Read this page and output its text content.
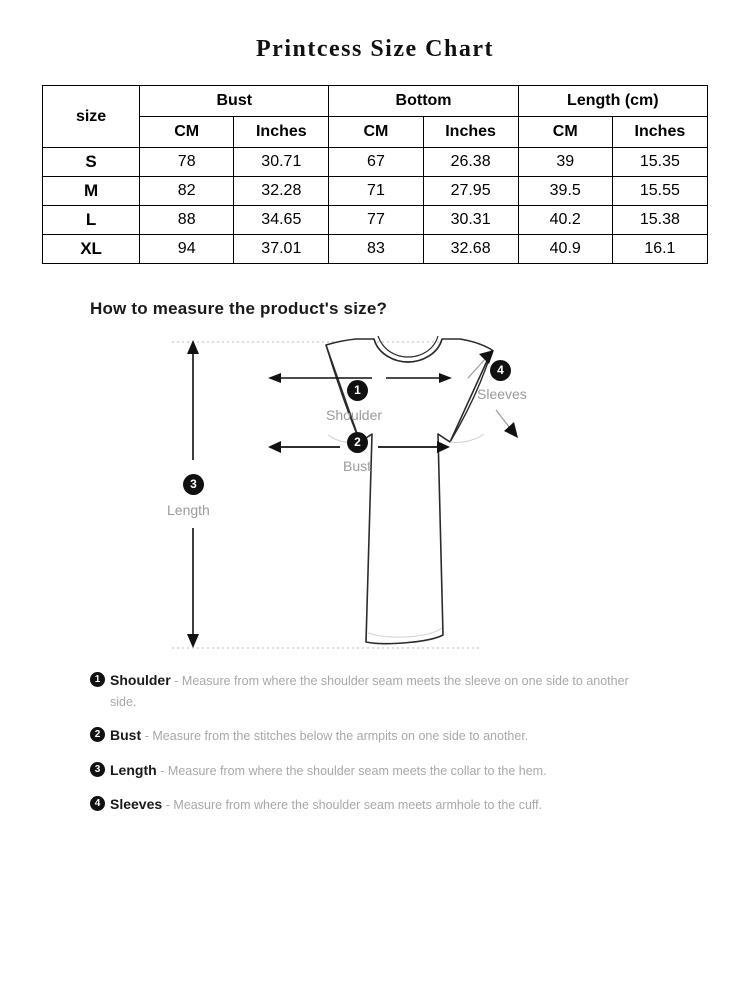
Printcess Size Chart
size	Bust		Bottom		Length (cm)	
	CM	Inches	CM	Inches	CM	Inches
S	78	30.71	67	26.38	39	15.35
M	82	32.28	71	27.95	39.5	15.55
L	88	34.65	77	30.31	40.2	15.38
XL	94	37.01	83	32.68	40.9	16.1
How to measure the product's size?
1
Shoulder
2
Bust
3
Length
4
Sleeves
1 Shoulder - Measure from where the shoulder seam meets the sleeve on one side to another side.
2 Bust - Measure from the stitches below the armpits on one side to another.
3 Length - Measure from where the shoulder seam meets the collar to the hem.
4 Sleeves - Measure from where the shoulder seam meets armhole to the cuff.
